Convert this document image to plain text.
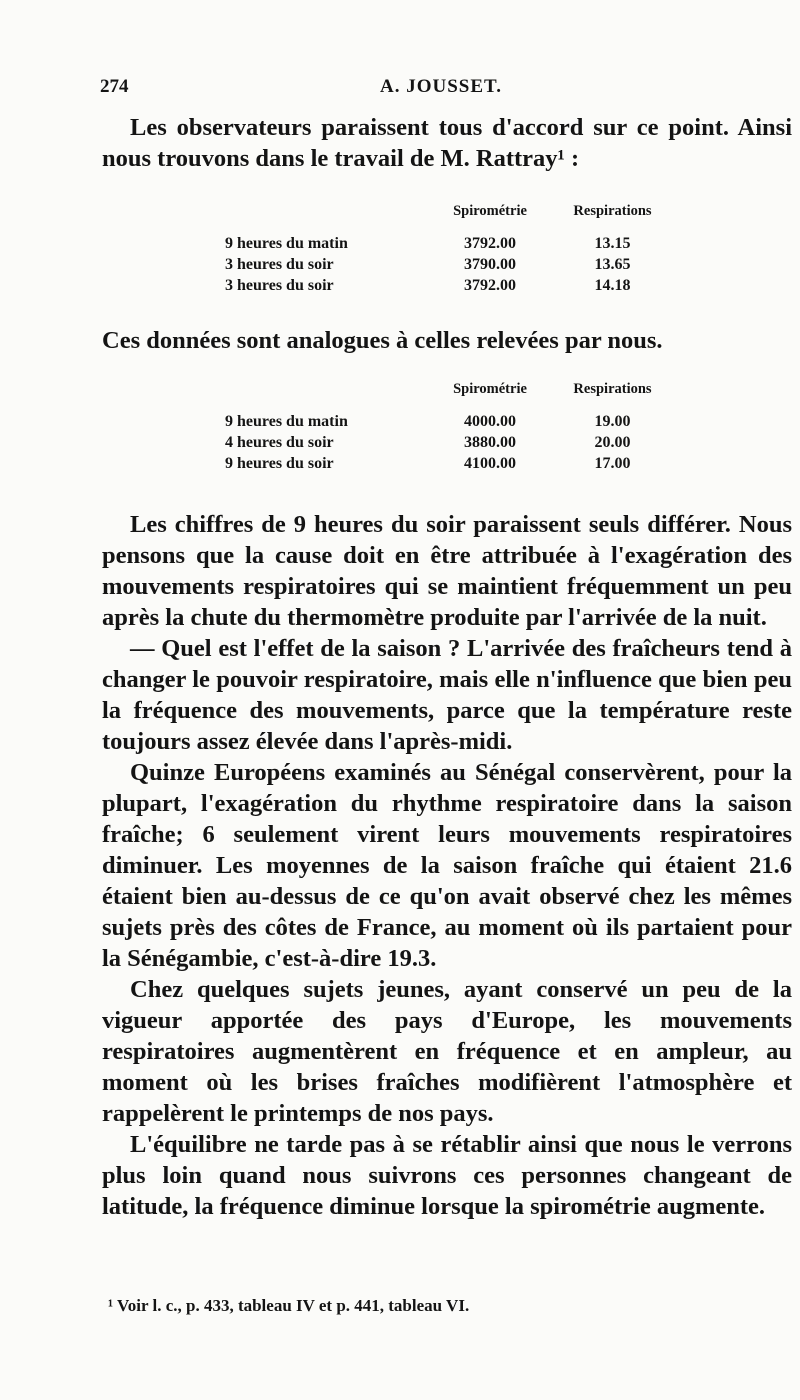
274	A. JOUSSET.

Les observateurs paraissent tous d'accord sur ce point. Ainsi nous trouvons dans le travail de M. Rattray¹ :

	Spirométrie	Respirations
9 heures du matin	3792.00	13.15
3 heures du soir	3790.00	13.65
3 heures du soir	3792.00	14.18

Ces données sont analogues à celles relevées par nous.

	Spirométrie	Respirations
9 heures du matin	4000.00	19.00
4 heures du soir	3880.00	20.00
9 heures du soir	4100.00	17.00

Les chiffres de 9 heures du soir paraissent seuls différer. Nous pensons que la cause doit en être attribuée à l'exagération des mouvements respiratoires qui se maintient fréquemment un peu après la chute du thermomètre produite par l'arrivée de la nuit.

— Quel est l'effet de la saison ? L'arrivée des fraîcheurs tend à changer le pouvoir respiratoire, mais elle n'influence que bien peu la fréquence des mouvements, parce que la température reste toujours assez élevée dans l'après-midi.

Quinze Européens examinés au Sénégal conservèrent, pour la plupart, l'exagération du rhythme respiratoire dans la saison fraîche; 6 seulement virent leurs mouvements respiratoires diminuer. Les moyennes de la saison fraîche qui étaient 21.6 étaient bien au-dessus de ce qu'on avait observé chez les mêmes sujets près des côtes de France, au moment où ils partaient pour la Sénégambie, c'est-à-dire 19.3.

Chez quelques sujets jeunes, ayant conservé un peu de la vigueur apportée des pays d'Europe, les mouvements respiratoires augmentèrent en fréquence et en ampleur, au moment où les brises fraîches modifièrent l'atmosphère et rappelèrent le printemps de nos pays.

L'équilibre ne tarde pas à se rétablir ainsi que nous le verrons plus loin quand nous suivrons ces personnes changeant de latitude, la fréquence diminue lorsque la spirométrie augmente.

¹ Voir l. c., p. 433, tableau IV et p. 441, tableau VI.
